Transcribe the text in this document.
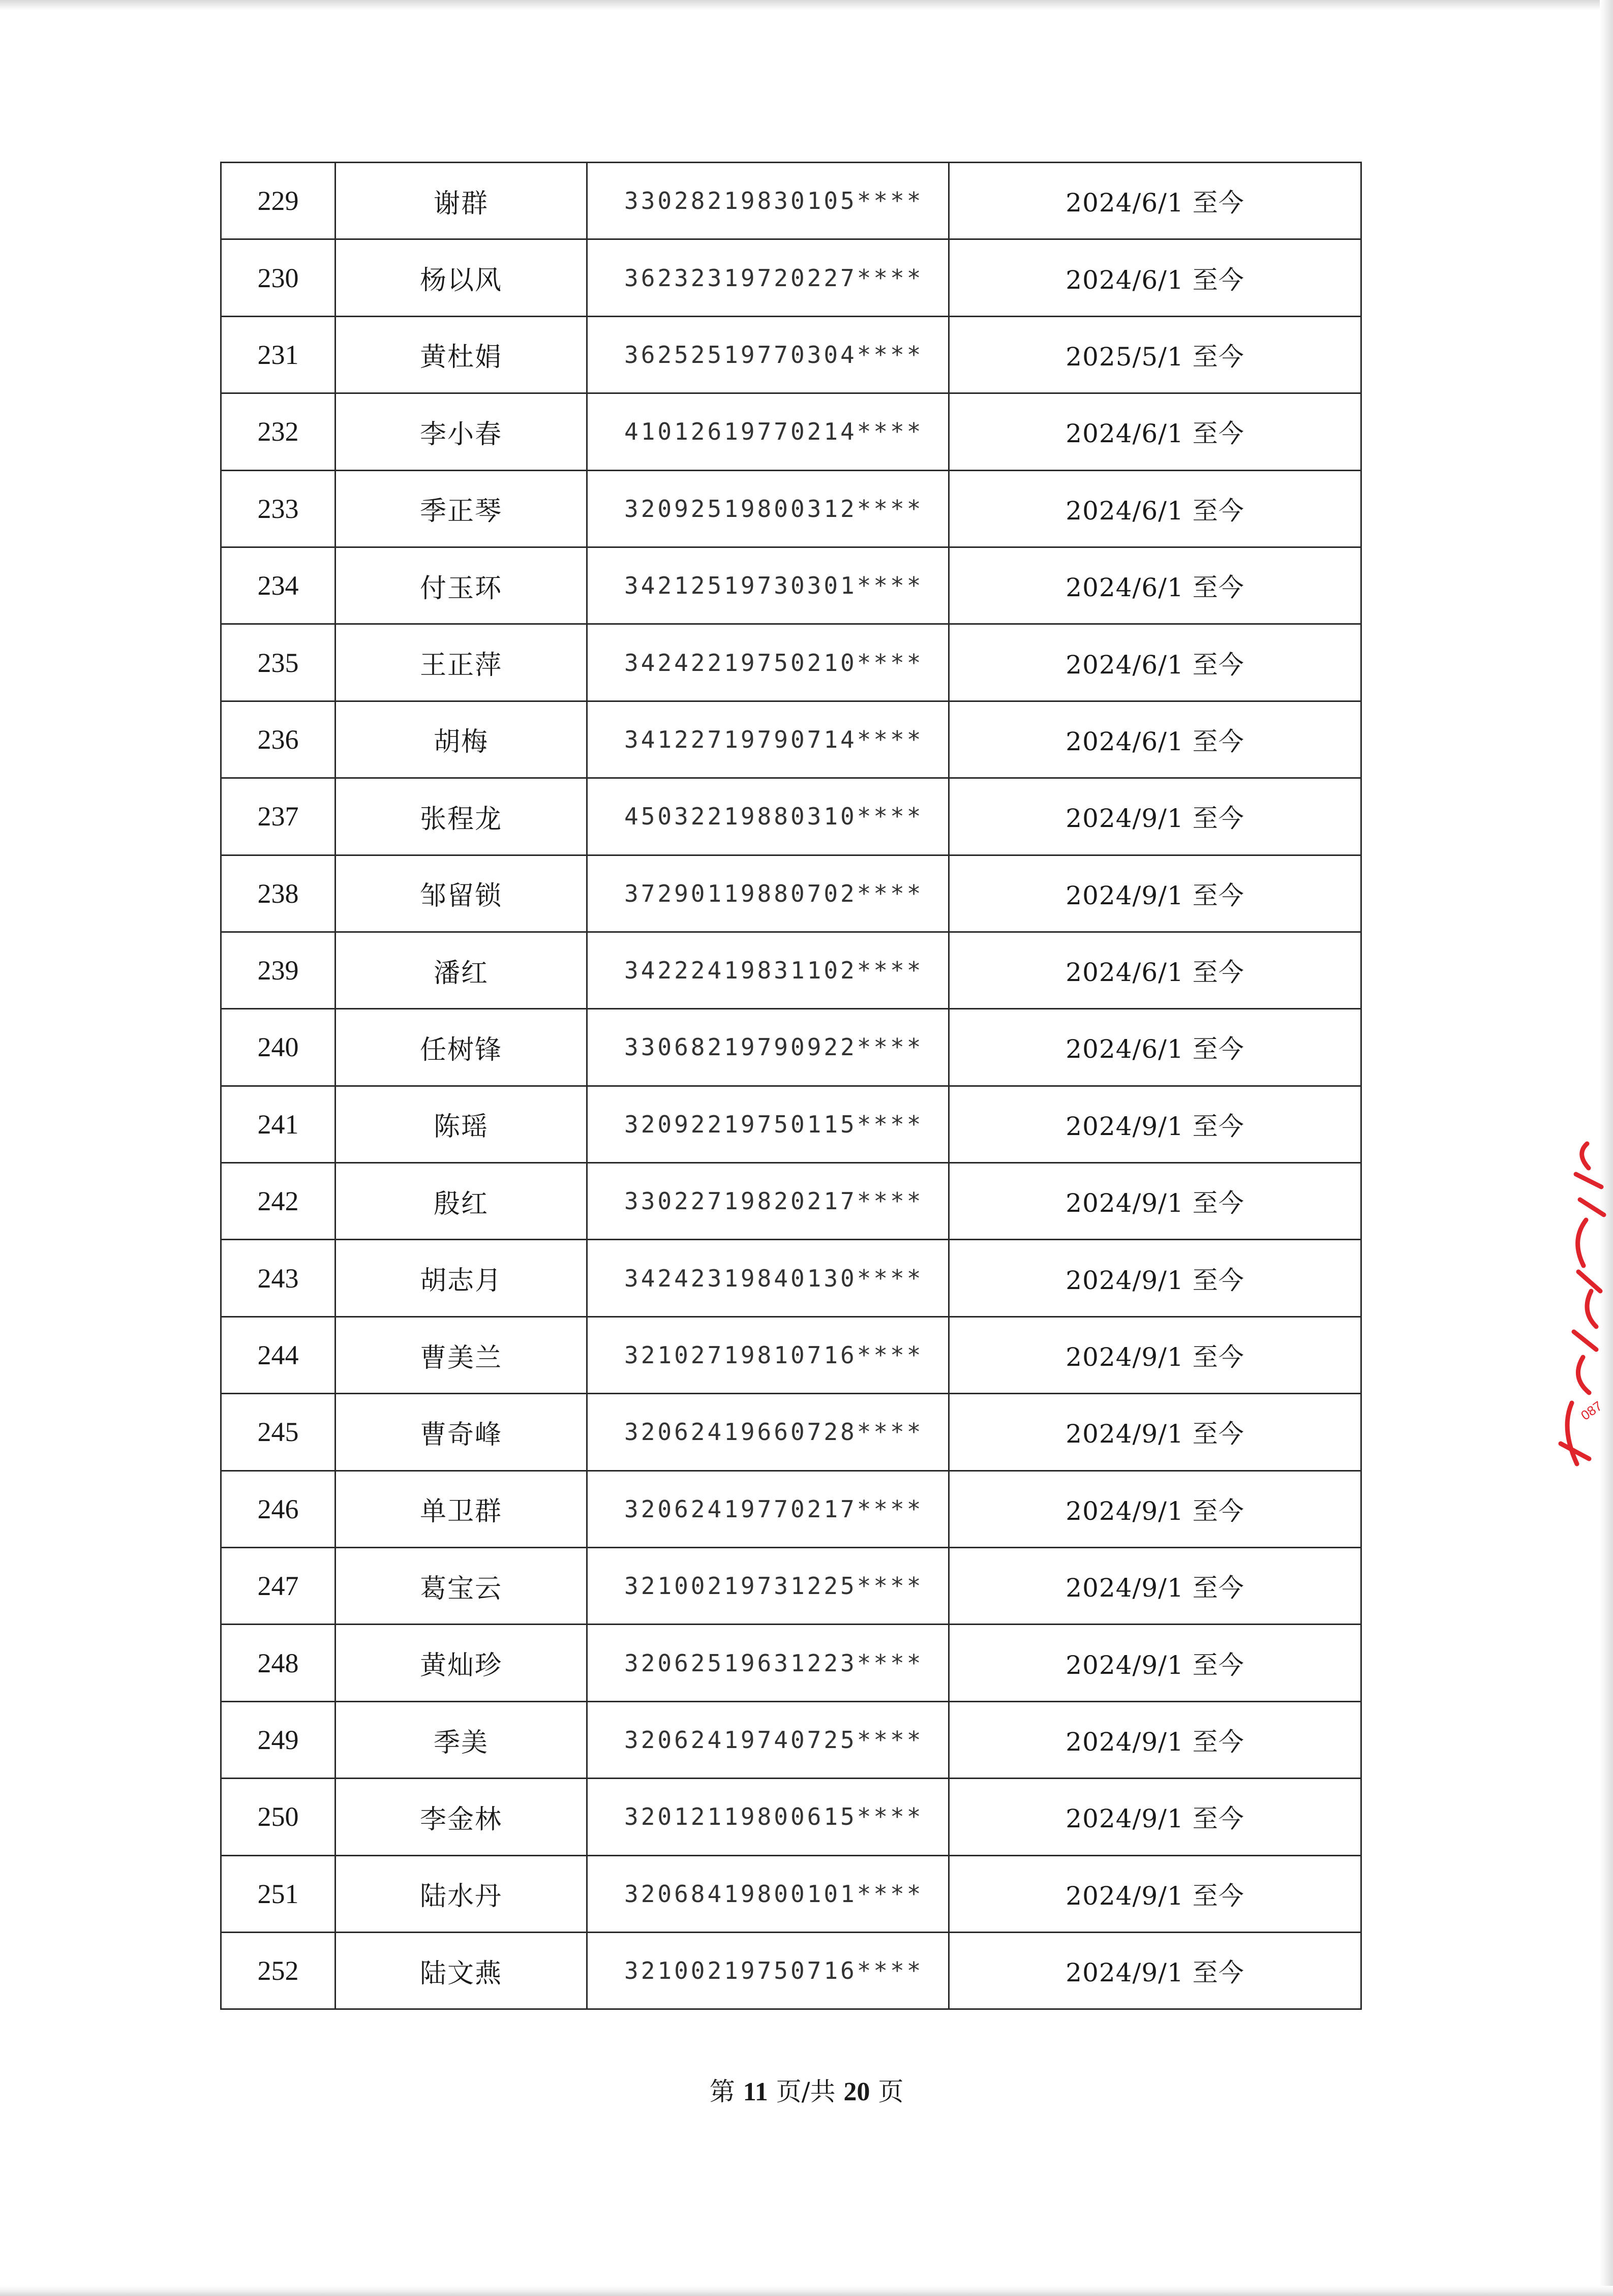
229	谢群	33028219830105****	2024/6/1 至今
230	杨以风	36232319720227****	2024/6/1 至今
231	黄杜娟	36252519770304****	2025/5/1 至今
232	李小春	41012619770214****	2024/6/1 至今
233	季正琴	32092519800312****	2024/6/1 至今
234	付玉环	34212519730301****	2024/6/1 至今
235	王正萍	34242219750210****	2024/6/1 至今
236	胡梅	34122719790714****	2024/6/1 至今
237	张程龙	45032219880310****	2024/9/1 至今
238	邹留锁	37290119880702****	2024/9/1 至今
239	潘红	34222419831102****	2024/6/1 至今
240	任树锋	33068219790922****	2024/6/1 至今
241	陈瑶	32092219750115****	2024/9/1 至今
242	殷红	33022719820217****	2024/9/1 至今
243	胡志月	34242319840130****	2024/9/1 至今
244	曹美兰	32102719810716****	2024/9/1 至今
245	曹奇峰	32062419660728****	2024/9/1 至今
246	单卫群	32062419770217****	2024/9/1 至今
247	葛宝云	32100219731225****	2024/9/1 至今
248	黄灿珍	32062519631223****	2024/9/1 至今
249	季美	32062419740725****	2024/9/1 至今
250	李金林	32012119800615****	2024/9/1 至今
251	陆水丹	32068419800101****	2024/9/1 至今
252	陆文燕	32100219750716****	2024/9/1 至今
087
第 11 页/共 20 页
